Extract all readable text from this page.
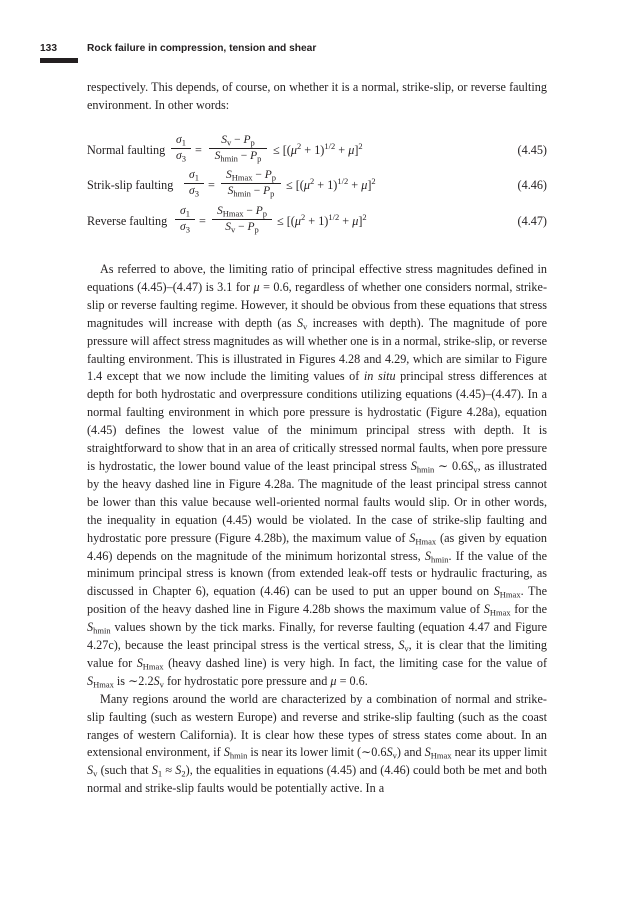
133	Rock failure in compression, tension and shear
respectively. This depends, of course, on whether it is a normal, strike-slip, or reverse faulting environment. In other words:
Normal faulting $\frac{\sigma_1}{\sigma_3}$ =
$S_v - P_p$
$S_{hmin} - P_p$
≤ $[(\mu^2 + 1)^{1/2} + \mu]^2$	(4.45)
Strik-slip faulting $\frac{\sigma_1}{\sigma_3}$ =
$S_{Hmax} - P_p$
$S_{hmin} - P_p$
≤ $[(\mu^2 + 1)^{1/2} + \mu]^2$	(4.46)
Reverse faulting $\frac{\sigma_1}{\sigma_3}$ =
$S_{Hmax} - P_p$
$S_v - P_p$
≤ $[(\mu^2 + 1)^{1/2} + \mu]^2$	(4.47)

As referred to above, the limiting ratio of principal effective stress magnitudes defined in equations (4.45)–(4.47) is 3.1 for μ = 0.6, regardless of whether one considers normal, strike-slip or reverse faulting regime. However, it should be obvious from these equations that stress magnitudes will increase with depth (as $S_v$ increases with depth). The magnitude of pore pressure will affect stress magnitudes as will whether one is in a normal, strike-slip, or reverse faulting environment. This is illustrated in Figures 4.28 and 4.29, which are similar to Figure 1.4 except that we now include the limiting values of in situ principal stress differences at depth for both hydrostatic and overpressure conditions utilizing equations (4.45)–(4.47). In a normal faulting environment in which pore pressure is hydrostatic (Figure 4.28a), equation (4.45) defines the lowest value of the minimum principal stress with depth. It is straightforward to show that in an area of critically stressed normal faults, when pore pressure is hydrostatic, the lower bound value of the least principal stress $S_{hmin}$ ∼ $0.6S_v$, as illustrated by the heavy dashed line in Figure 4.28a. The magnitude of the least principal stress cannot be lower than this value because well-oriented normal faults would slip. Or in other words, the inequality in equation (4.45) would be violated. In the case of strike-slip faulting and hydrostatic pore pressure (Figure 4.28b), the maximum value of $S_{Hmax}$ (as given by equation 4.46) depends on the magnitude of the minimum horizontal stress, $S_{hmin}$. If the value of the minimum principal stress is known (from extended leak-off tests or hydraulic fracturing, as discussed in Chapter 6), equation (4.46) can be used to put an upper bound on $S_{Hmax}$. The position of the heavy dashed line in Figure 4.28b shows the maximum value of $S_{Hmax}$ for the $S_{hmin}$ values shown by the tick marks. Finally, for reverse faulting (equation 4.47 and Figure 4.27c), because the least principal stress is the vertical stress, $S_v$, it is clear that the limiting value for $S_{Hmax}$ (heavy dashed line) is very high. In fact, the limiting case for the value of $S_{Hmax}$ is $\sim 2.2S_v$ for hydrostatic pore pressure and μ = 0.6.

Many regions around the world are characterized by a combination of normal and strike-slip faulting (such as western Europe) and reverse and strike-slip faulting (such as the coast ranges of western California). It is clear how these types of stress states come about. In an extensional environment, if $S_{hmin}$ is near its lower limit $(\sim 0.6S_v)$ and $S_{Hmax}$ near its upper limit $S_v$ (such that $S_1 \approx S_2$), the equalities in equations (4.45) and (4.46) could both be met and both normal and strike-slip faults would be potentially active. In a
